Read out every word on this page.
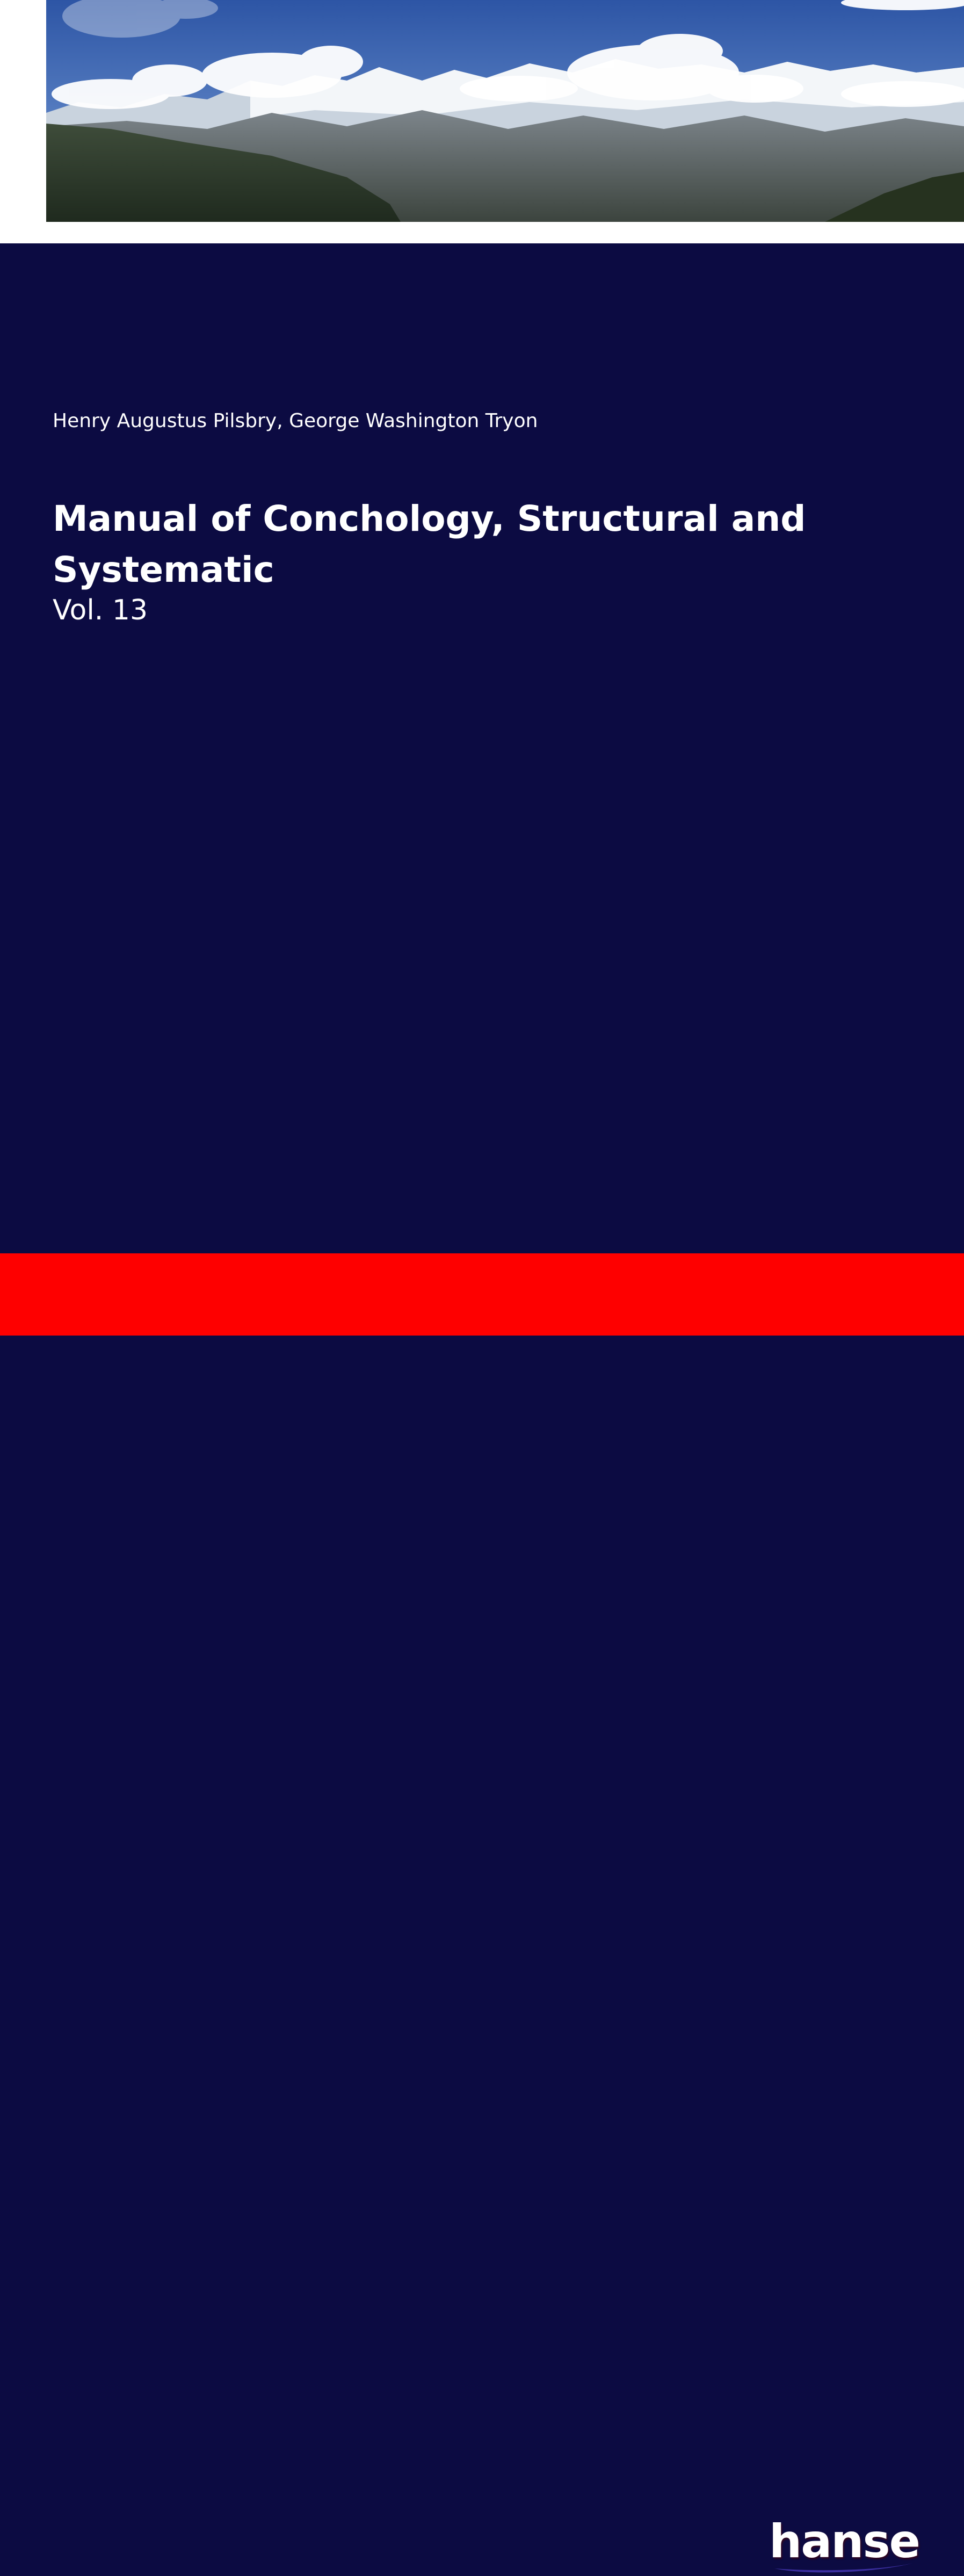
Henry Augustus Pilsbry, George Washington Tryon
Manual of Conchology, Structural and Systematic
Vol. 13
hanse
